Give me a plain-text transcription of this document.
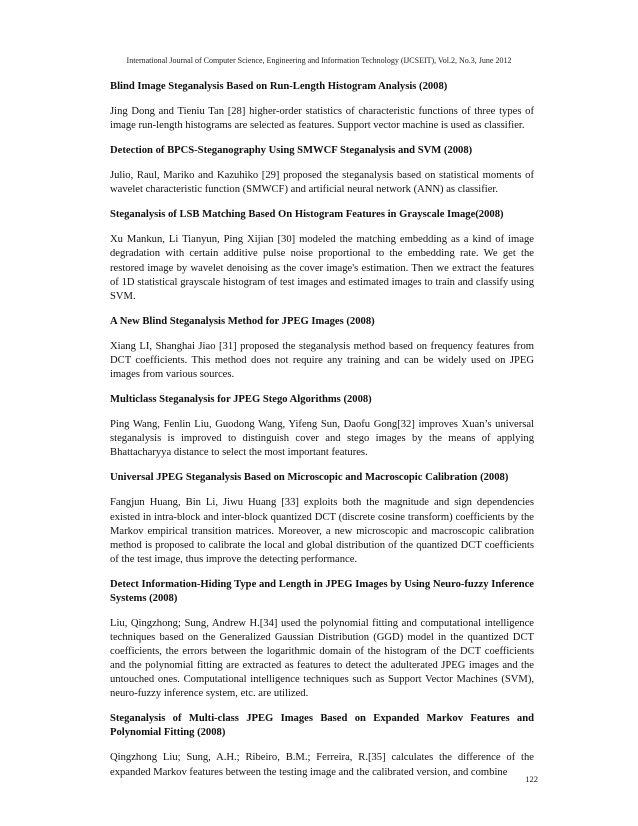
International Journal of Computer Science, Engineering and Information Technology (IJCSEIT), Vol.2, No.3, June 2012
Blind Image Steganalysis Based on Run-Length Histogram Analysis (2008)
Jing Dong and Tieniu Tan [28] higher-order statistics of characteristic functions of three types of image run-length histograms are selected as features. Support vector machine is used as classifier.
Detection of BPCS-Steganography Using SMWCF Steganalysis and SVM (2008)
Julio, Raul, Mariko and Kazuhiko [29] proposed the steganalysis based on statistical moments of wavelet characteristic function (SMWCF) and artificial neural network (ANN) as classifier.
Steganalysis of LSB Matching Based On Histogram Features in Grayscale Image(2008)
Xu Mankun, Li Tianyun, Ping Xijian [30] modeled the matching embedding as a kind of image degradation with certain additive pulse noise proportional to the embedding rate. We get the restored image by wavelet denoising as the cover image's estimation. Then we extract the features of 1D statistical grayscale histogram of test images and estimated images to train and classify using SVM.
A New Blind Steganalysis Method for JPEG Images (2008)
Xiang LI, Shanghai Jiao [31] proposed the steganalysis method based on frequency features from DCT coefficients. This method does not require any training and can be widely used on JPEG images from various sources.
Multiclass Steganalysis for JPEG Stego Algorithms (2008)
Ping Wang, Fenlin Liu, Guodong Wang, Yifeng Sun, Daofu Gong[32] improves Xuan’s universal steganalysis is improved to distinguish cover and stego images by the means of applying Bhattacharyya distance to select the most important features.
Universal JPEG Steganalysis Based on Microscopic and Macroscopic Calibration (2008)
Fangjun Huang, Bin Li, Jiwu Huang [33] exploits both the magnitude and sign dependencies existed in intra-block and inter-block quantized DCT (discrete cosine transform) coefficients by the Markov empirical transition matrices. Moreover, a new microscopic and macroscopic calibration method is proposed to calibrate the local and global distribution of the quantized DCT coefficients of the test image, thus improve the detecting performance.
Detect Information-Hiding Type and Length in JPEG Images by Using Neuro-fuzzy Inference Systems (2008)
Liu, Qingzhong; Sung, Andrew H.[34] used the polynomial fitting and computational intelligence techniques based on the Generalized Gaussian Distribution (GGD) model in the quantized DCT coefficients, the errors between the logarithmic domain of the histogram of the DCT coefficients and the polynomial fitting are extracted as features to detect the adulterated JPEG images and the untouched ones. Computational intelligence techniques such as Support Vector Machines (SVM), neuro-fuzzy inference system, etc. are utilized.
Steganalysis of Multi-class JPEG Images Based on Expanded Markov Features and Polynomial Fitting (2008)
Qingzhong Liu; Sung, A.H.; Ribeiro, B.M.; Ferreira, R.[35] calculates the difference of the expanded Markov features between the testing image and the calibrated version, and combine
122
